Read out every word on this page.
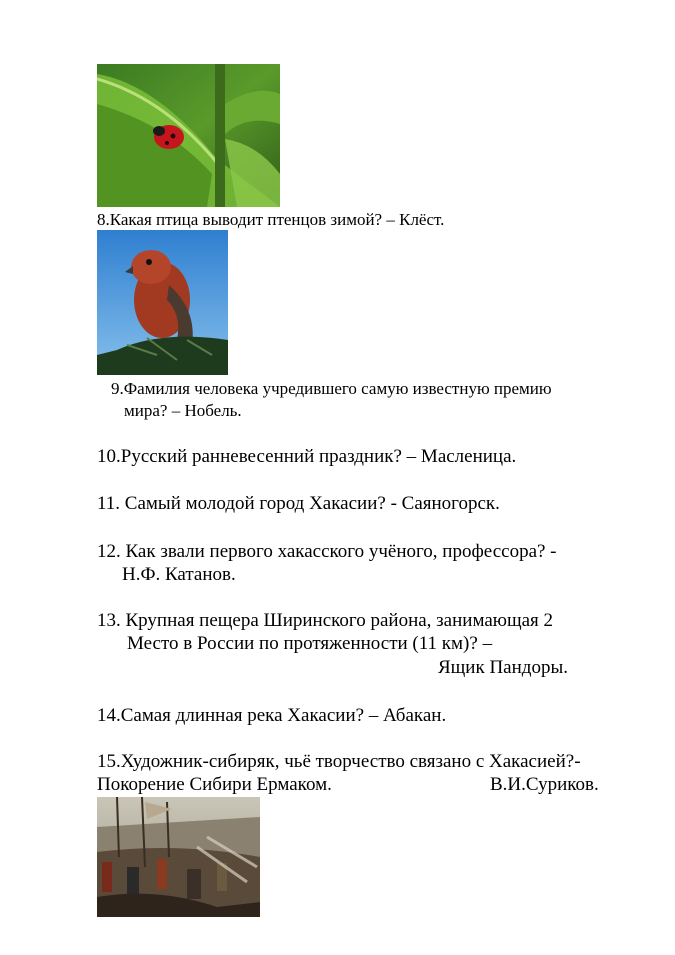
8.Какая птица выводит птенцов зимой? – Клёст.
9.Фамилия человека учредившего самую известную премию
мира? – Нобель.
10.Русский ранневесенний праздник? – Масленица.
11. Самый молодой город Хакасии? - Саяногорск.
12. Как звали первого хакасского учёного, профессора? -
Н.Ф. Катанов.
13. Крупная пещера Ширинского района, занимающая 2
Место в России по протяженности (11 км)? –
Ящик Пандоры.
14.Самая длинная река Хакасии? – Абакан.
15.Художник-сибиряк, чьё творчество связано с Хакасией?-
Покорение Сибири Ермаком.	В.И.Суриков.
